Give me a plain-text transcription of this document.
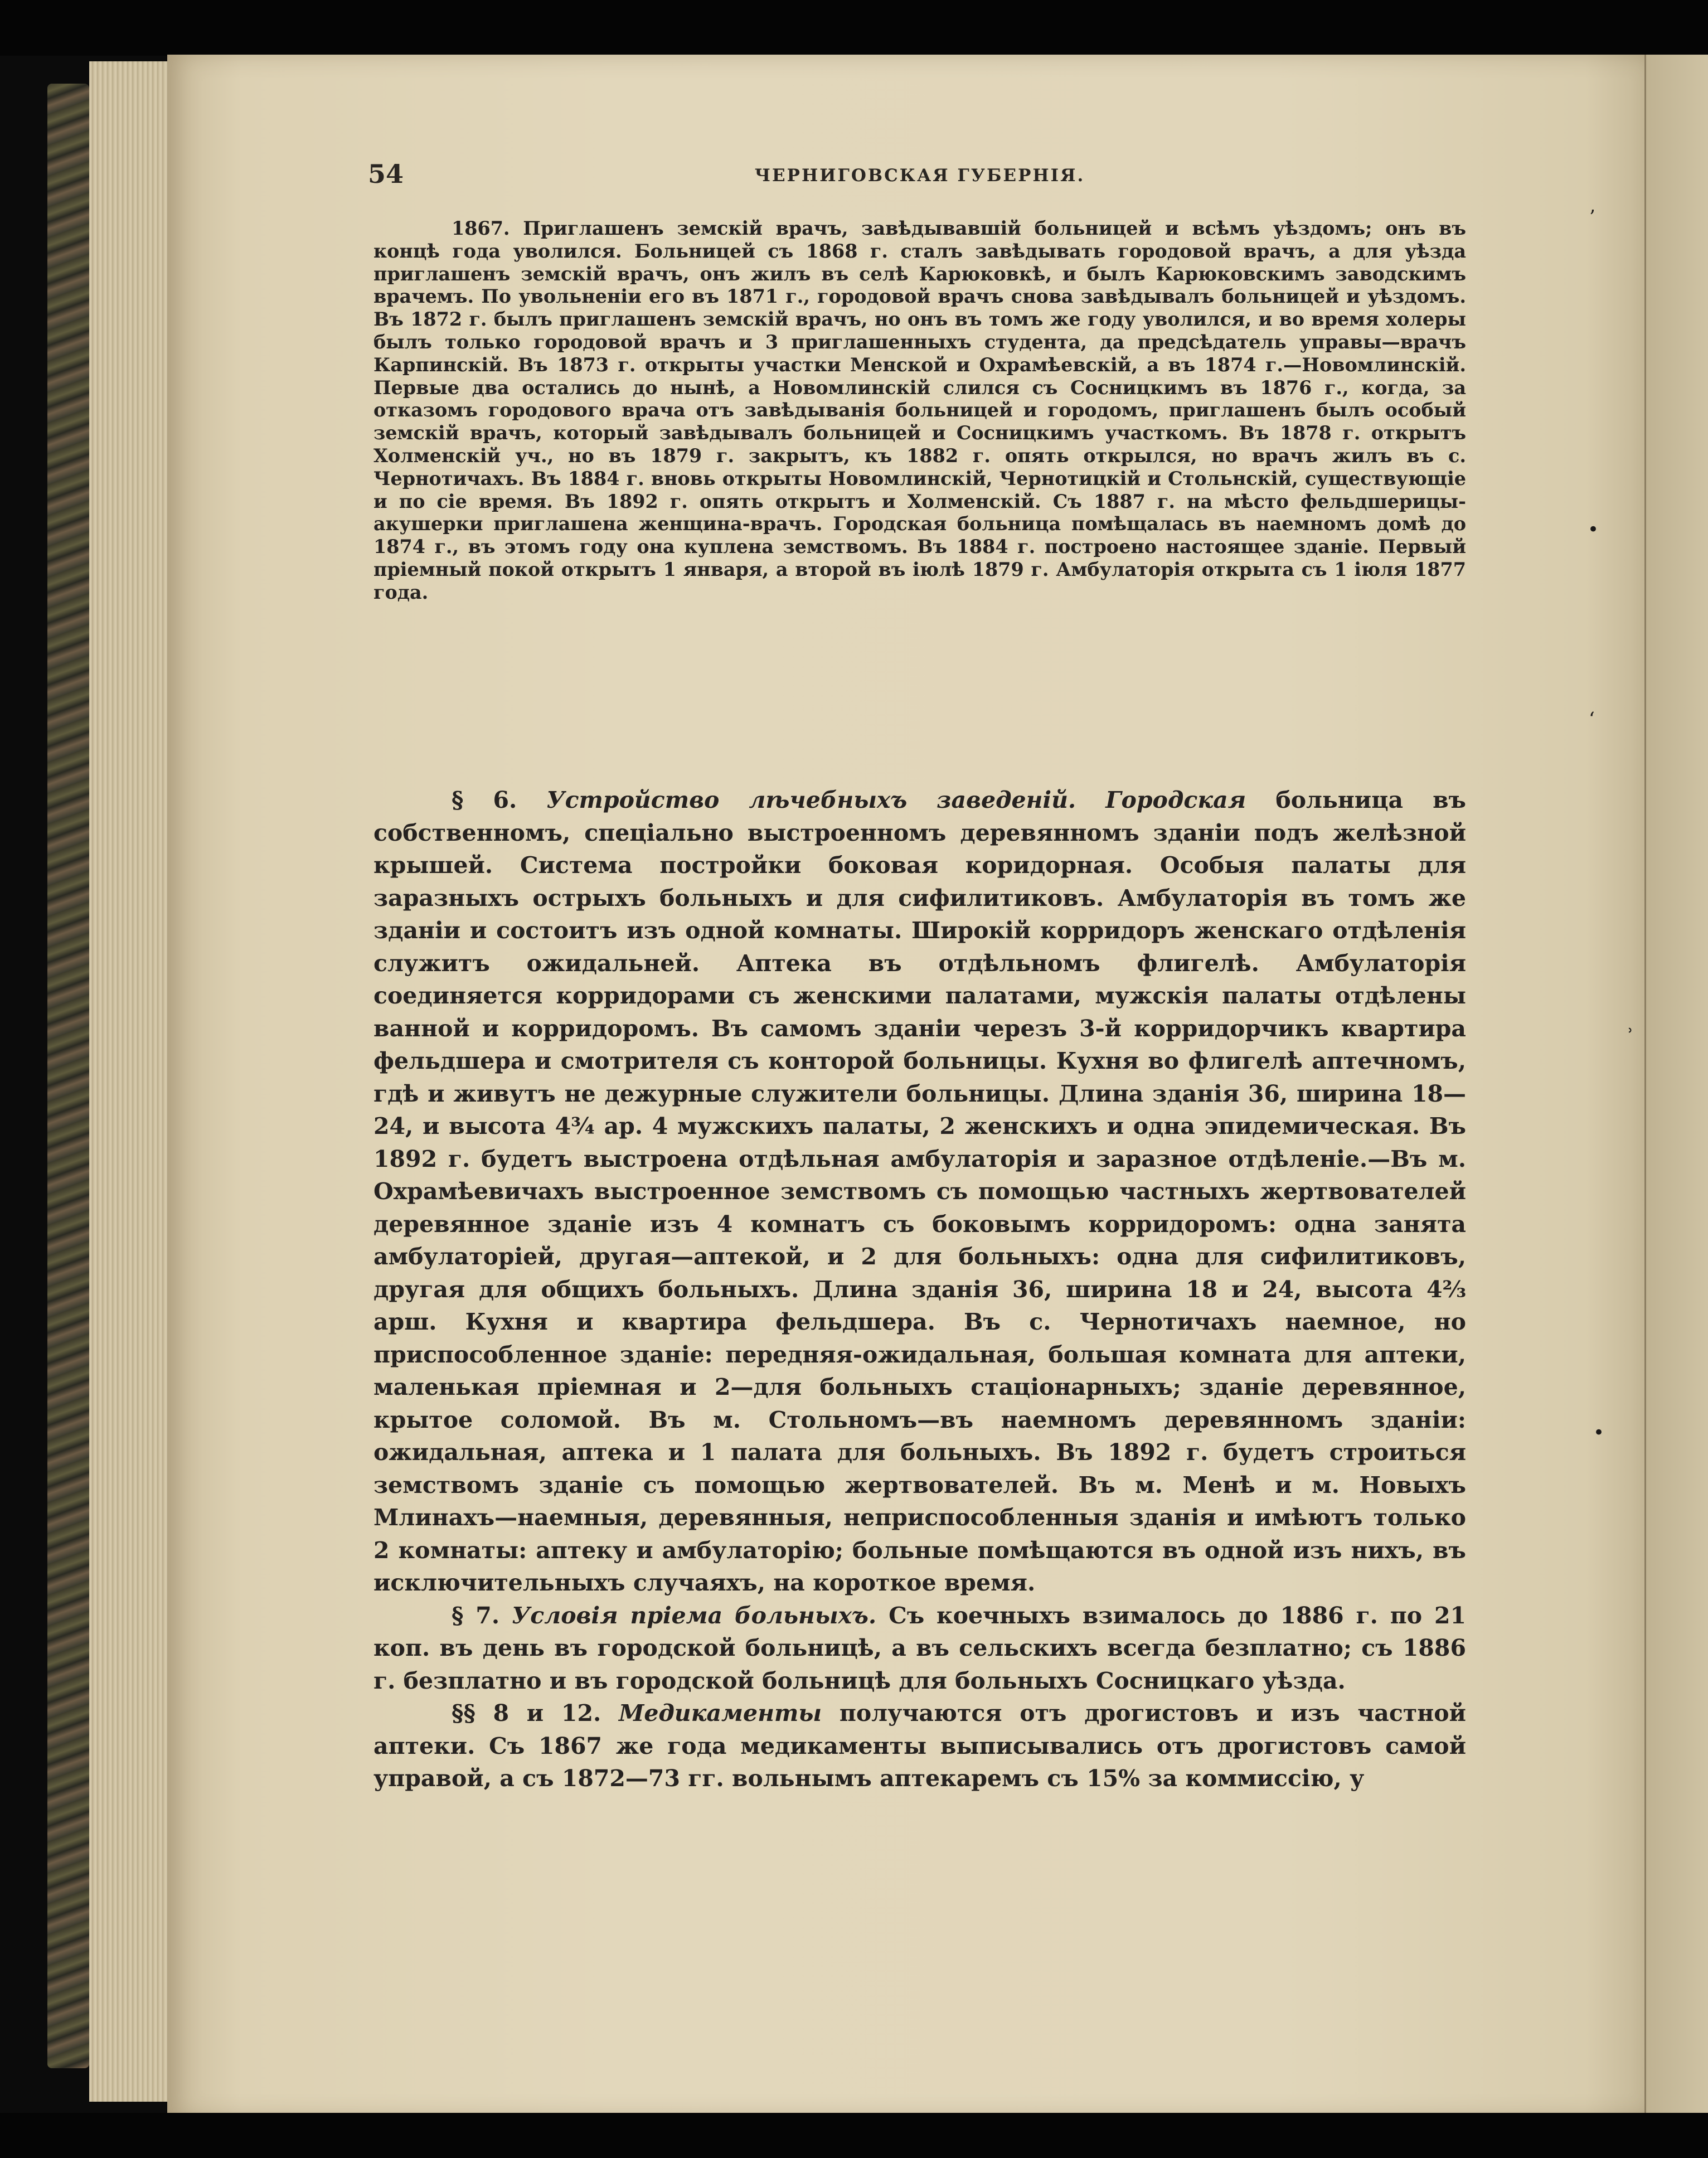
54	ЧЕРНИГОВСКАЯ ГУБЕРНІЯ.

1867. Приглашенъ земскій врачъ, завѣдывавшій больницей и всѣмъ уѣздомъ; онъ въ концѣ года уволился. Больницей съ 1868 г. сталъ завѣдывать городовой врачъ, а для уѣзда приглашенъ земскій врачъ, онъ жилъ въ селѣ Карюковкѣ, и былъ Карюковскимъ заводскимъ врачемъ. По увольненіи его въ 1871 г., городовой врачъ снова завѣдывалъ больницей и уѣздомъ. Въ 1872 г. былъ приглашенъ земскій врачъ, но онъ въ томъ же году уволился, и во время холеры былъ только городовой врачъ и 3 приглашенныхъ студента, да предсѣдатель управы—врачъ Карпинскій. Въ 1873 г. открыты участки Менской и Охрамѣевскій, а въ 1874 г.—Новомлинскій. Первые два остались до нынѣ, а Новомлинскій слился съ Сосницкимъ въ 1876 г., когда, за отказомъ городового врача отъ завѣдыванія больницей и городомъ, приглашенъ былъ особый земскій врачъ, который завѣдывалъ больницей и Сосницкимъ участкомъ. Въ 1878 г. открытъ Холменскій уч., но въ 1879 г. закрытъ, къ 1882 г. опять открылся, но врачъ жилъ въ с. Чернотичахъ. Въ 1884 г. вновь открыты Новомлинскій, Чернотицкій и Стольнскій, существующіе и по сіе время. Въ 1892 г. опять открытъ и Холменскій. Съ 1887 г. на мѣсто фельдшерицы-акушерки приглашена женщина-врачъ. Городская больница помѣщалась въ наемномъ домѣ до 1874 г., въ этомъ году она куплена земствомъ. Въ 1884 г. построено настоящее зданіе. Первый пріемный покой открытъ 1 января, а второй въ іюлѣ 1879 г. Амбулаторія открыта съ 1 іюля 1877 года.

§ 6. Устройство лѣчебныхъ заведеній. Городская больница въ собственномъ, спеціально выстроенномъ деревянномъ зданіи подъ желѣзной крышей. Система постройки боковая коридорная. Особыя палаты для заразныхъ острыхъ больныхъ и для сифилитиковъ. Амбулаторія въ томъ же зданіи и состоитъ изъ одной комнаты. Широкій корридоръ женскаго отдѣленія служитъ ожидальней. Аптека въ отдѣльномъ флигелѣ. Амбулаторія соединяется корридорами съ женскими палатами, мужскія палаты отдѣлены ванной и корридоромъ. Въ самомъ зданіи черезъ 3-й корридорчикъ квартира фельдшера и смотрителя съ конторой больницы. Кухня во флигелѣ аптечномъ, гдѣ и живутъ не дежурные служители больницы. Длина зданія 36, ширина 18—24, и высота 4¾ ар. 4 мужскихъ палаты, 2 женскихъ и одна эпидемическая. Въ 1892 г. будетъ выстроена отдѣльная амбулаторія и заразное отдѣленіе.—Въ м. Охрамѣевичахъ выстроенное земствомъ съ помощью частныхъ жертвователей деревянное зданіе изъ 4 комнатъ съ боковымъ корридоромъ: одна занята амбулаторіей, другая—аптекой, и 2 для больныхъ: одна для сифилитиковъ, другая для общихъ больныхъ. Длина зданія 36, ширина 18 и 24, высота 4⅔ арш. Кухня и квартира фельдшера. Въ с. Чернотичахъ наемное, но приспособленное зданіе: передняя-ожидальная, большая комната для аптеки, маленькая пріемная и 2—для больныхъ стаціонарныхъ; зданіе деревянное, крытое соломой. Въ м. Стольномъ—въ наемномъ деревянномъ зданіи: ожидальная, аптека и 1 палата для больныхъ. Въ 1892 г. будетъ строиться земствомъ зданіе съ помощью жертвователей. Въ м. Менѣ и м. Новыхъ Млинахъ—наемныя, деревянныя, неприспособленныя зданія и имѣютъ только 2 комнаты: аптеку и амбулаторію; больные помѣщаются въ одной изъ нихъ, въ исключительныхъ случаяхъ, на короткое время.

§ 7. Условія пріема больныхъ. Съ коечныхъ взималось до 1886 г. по 21 коп. въ день въ городской больницѣ, а въ сельскихъ всегда безплатно; съ 1886 г. безплатно и въ городской больницѣ для больныхъ Сосницкаго уѣзда.

§§ 8 и 12. Медикаменты получаются отъ дрогистовъ и изъ частной аптеки. Съ 1867 же года медикаменты выписывались отъ дрогистовъ самой управой, а съ 1872—73 гг. вольнымъ аптекаремъ съ 15% за коммиссію, у

ʼ
•
ʻ
˒
•
